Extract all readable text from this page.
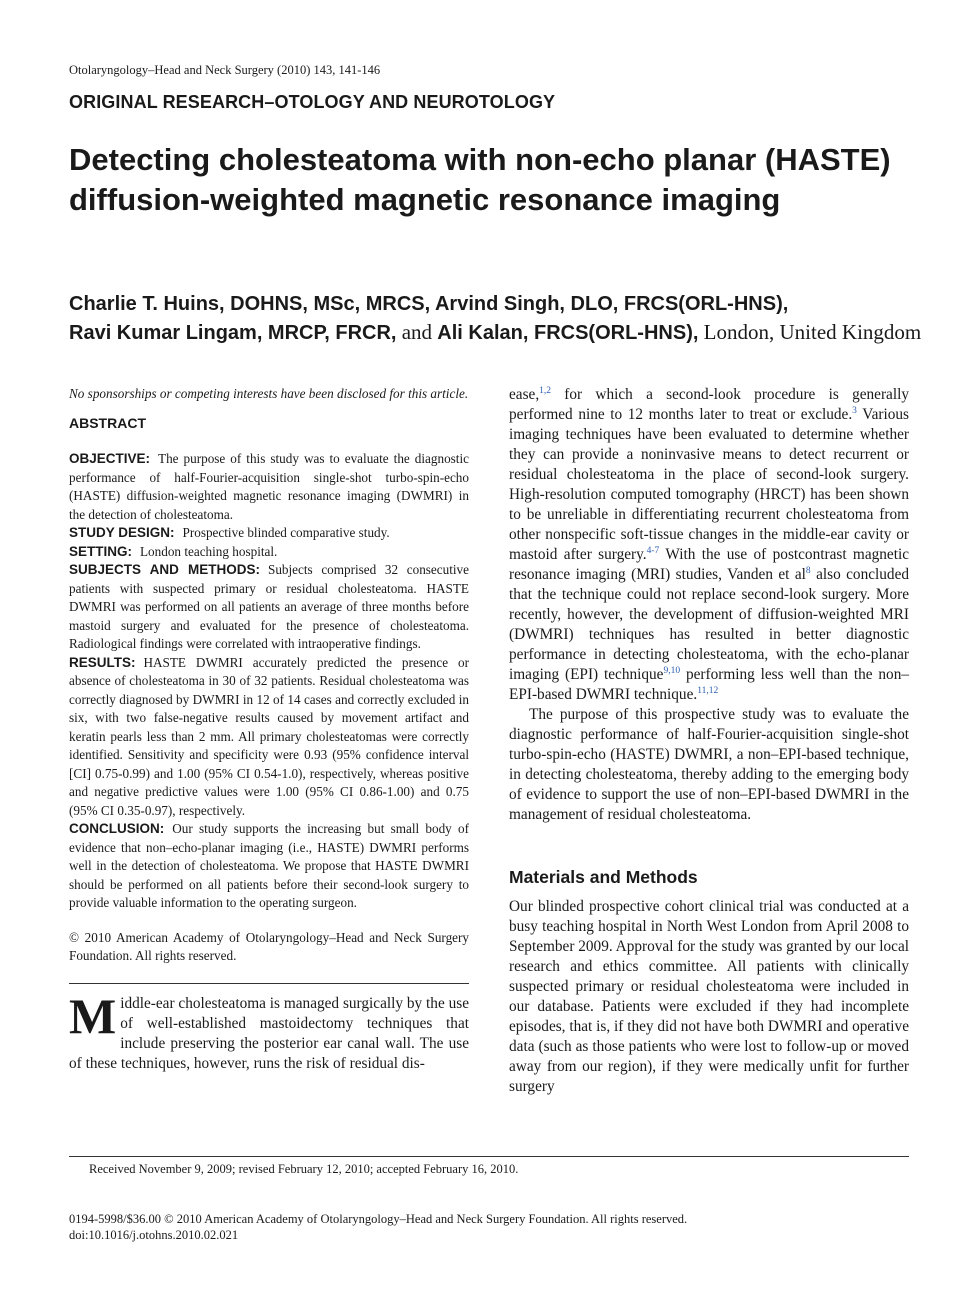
Otolaryngology–Head and Neck Surgery (2010) 143, 141-146
ORIGINAL RESEARCH–OTOLOGY AND NEUROTOLOGY
Detecting cholesteatoma with non-echo planar (HASTE) diffusion-weighted magnetic resonance imaging
Charlie T. Huins, DOHNS, MSc, MRCS, Arvind Singh, DLO, FRCS(ORL-HNS),
Ravi Kumar Lingam, MRCP, FRCR, and Ali Kalan, FRCS(ORL-HNS), London, United Kingdom

No sponsorships or competing interests have been disclosed for this article.

ABSTRACT

OBJECTIVE: The purpose of this study was to evaluate the diagnostic performance of half-Fourier-acquisition single-shot turbo-spin-echo (HASTE) diffusion-weighted magnetic resonance imaging (DWMRI) in the detection of cholesteatoma.

STUDY DESIGN: Prospective blinded comparative study.

SETTING: London teaching hospital.

SUBJECTS AND METHODS: Subjects comprised 32 consecutive patients with suspected primary or residual cholesteatoma. HASTE DWMRI was performed on all patients an average of three months before mastoid surgery and evaluated for the presence of cholesteatoma. Radiological findings were correlated with intraoperative findings.

RESULTS: HASTE DWMRI accurately predicted the presence or absence of cholesteatoma in 30 of 32 patients. Residual cholesteatoma was correctly diagnosed by DWMRI in 12 of 14 cases and correctly excluded in six, with two false-negative results caused by movement artifact and keratin pearls less than 2 mm. All primary cholesteatomas were correctly identified. Sensitivity and specificity were 0.93 (95% confidence interval [CI] 0.75-0.99) and 1.00 (95% CI 0.54-1.0), respectively, whereas positive and negative predictive values were 1.00 (95% CI 0.86-1.00) and 0.75 (95% CI 0.35-0.97), respectively.

CONCLUSION: Our study supports the increasing but small body of evidence that non–echo-planar imaging (i.e., HASTE) DWMRI performs well in the detection of cholesteatoma. We propose that HASTE DWMRI should be performed on all patients before their second-look surgery to provide valuable information to the operating surgeon.

© 2010 American Academy of Otolaryngology–Head and Neck Surgery Foundation. All rights reserved.

Middle-ear cholesteatoma is managed surgically by the use of well-established mastoidectomy techniques that include preserving the posterior ear canal wall. The use of these techniques, however, runs the risk of residual dis-

ease,$^{1,2}$ for which a second-look procedure is generally performed nine to 12 months later to treat or exclude.$^3$ Various imaging techniques have been evaluated to determine whether they can provide a noninvasive means to detect recurrent or residual cholesteatoma in the place of second-look surgery. High-resolution computed tomography (HRCT) has been shown to be unreliable in differentiating recurrent cholesteatoma from other nonspecific soft-tissue changes in the middle-ear cavity or mastoid after surgery.$^{4-7}$ With the use of postcontrast magnetic resonance imaging (MRI) studies, Vanden et $al^8$ also concluded that the technique could not replace second-look surgery. More recently, however, the development of diffusion-weighted MRI (DWMRI) techniques has resulted in better diagnostic performance in detecting cholesteatoma, with the echo-planar imaging (EPI) technique$^{9,10}$ performing less well than the non–EPI-based DWMRI technique.$^{11,12}$

The purpose of this prospective study was to evaluate the diagnostic performance of half-Fourier-acquisition single-shot turbo-spin-echo (HASTE) DWMRI, a non–EPI-based technique, in detecting cholesteatoma, thereby adding to the emerging body of evidence to support the use of non–EPI-based DWMRI in the management of residual cholesteatoma.

Materials and Methods

Our blinded prospective cohort clinical trial was conducted at a busy teaching hospital in North West London from April 2008 to September 2009. Approval for the study was granted by our local research and ethics committee. All patients with clinically suspected primary or residual cholesteatoma were included in our database. Patients were excluded if they had incomplete episodes, that is, if they did not have both DWMRI and operative data (such as those patients who were lost to follow-up or moved away from our region), if they were medically unfit for further surgery

Received November 9, 2009; revised February 12, 2010; accepted February 16, 2010.
0194-5998/$36.00 © 2010 American Academy of Otolaryngology–Head and Neck Surgery Foundation. All rights reserved.
doi:10.1016/j.otohns.2010.02.021
